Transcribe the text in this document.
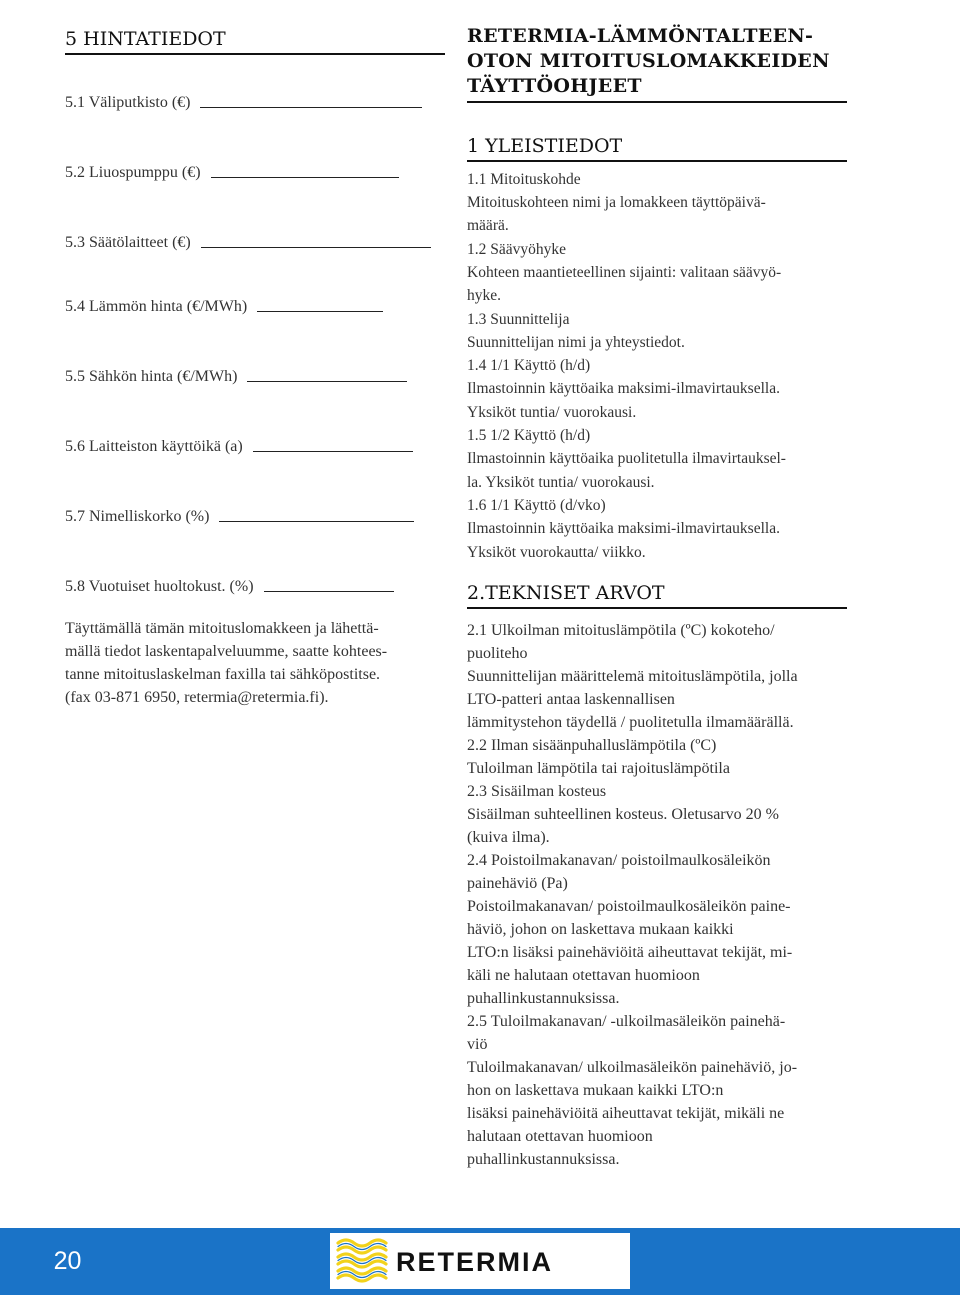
5 HINTATIEDOT
5.1 Väliputkisto (€)
5.2 Liuospumppu (€)
5.3 Säätölaitteet (€)
5.4 Lämmön hinta (€/MWh)
5.5 Sähkön hinta (€/MWh)
5.6 Laitteiston käyttöikä (a)
5.7 Nimelliskorko (%)
5.8 Vuotuiset huoltokust. (%)
Täyttämällä tämän mitoituslomakkeen ja lähettä-
mällä tiedot laskentapalveluumme, saatte kohtees-
tanne mitoituslaskelman faxilla tai sähköpostitse.
(fax 03-871 6950, retermia@retermia.fi).
RETERMIA-LÄMMÖNTALTEEN-
OTON MITOITUSLOMAKKEIDEN
TÄYTTÖOHJEET
1 YLEISTIEDOT
1.1 Mitoituskohde
Mitoituskohteen nimi ja lomakkeen täyttöpäivä-
määrä.
1.2 Säävyöhyke
Kohteen maantieteellinen sijainti: valitaan säävyö-
hyke.
1.3 Suunnittelija
Suunnittelijan nimi ja yhteystiedot.
1.4 1/1 Käyttö (h/d)
Ilmastoinnin käyttöaika maksimi-ilmavirtauksella.
Yksiköt tuntia/ vuorokausi.
1.5 1/2 Käyttö (h/d)
Ilmastoinnin käyttöaika puolitetulla ilmavirtauksel-
la. Yksiköt tuntia/ vuorokausi.
1.6 1/1 Käyttö (d/vko)
Ilmastoinnin käyttöaika maksimi-ilmavirtauksella.
Yksiköt vuorokautta/ viikko.
2.TEKNISET ARVOT
2.1 Ulkoilman mitoituslämpötila (ºC) kokoteho/
puoliteho
Suunnittelijan määrittelemä mitoituslämpötila, jolla
LTO-patteri antaa laskennallisen
lämmitystehon täydellä / puolitetulla ilmamäärällä.
2.2 Ilman sisäänpuhalluslämpötila (ºC)
Tuloilman lämpötila tai rajoituslämpötila
2.3 Sisäilman kosteus
Sisäilman suhteellinen kosteus. Oletusarvo 20 %
(kuiva ilma).
2.4 Poistoilmakanavan/ poistoilmaulkosäleikön
painehäviö (Pa)
Poistoilmakanavan/ poistoilmaulkosäleikön paine-
häviö, johon on laskettava mukaan kaikki
LTO:n lisäksi painehäviöitä aiheuttavat tekijät, mi-
käli ne halutaan otettavan huomioon
puhallinkustannuksissa.
2.5 Tuloilmakanavan/ -ulkoilmasäleikön painehä-
viö
Tuloilmakanavan/ ulkoilmasäleikön painehäviö, jo-
hon on laskettava mukaan kaikki LTO:n
lisäksi painehäviöitä aiheuttavat tekijät, mikäli ne
halutaan otettavan huomioon
puhallinkustannuksissa.
20	RETERMIA
